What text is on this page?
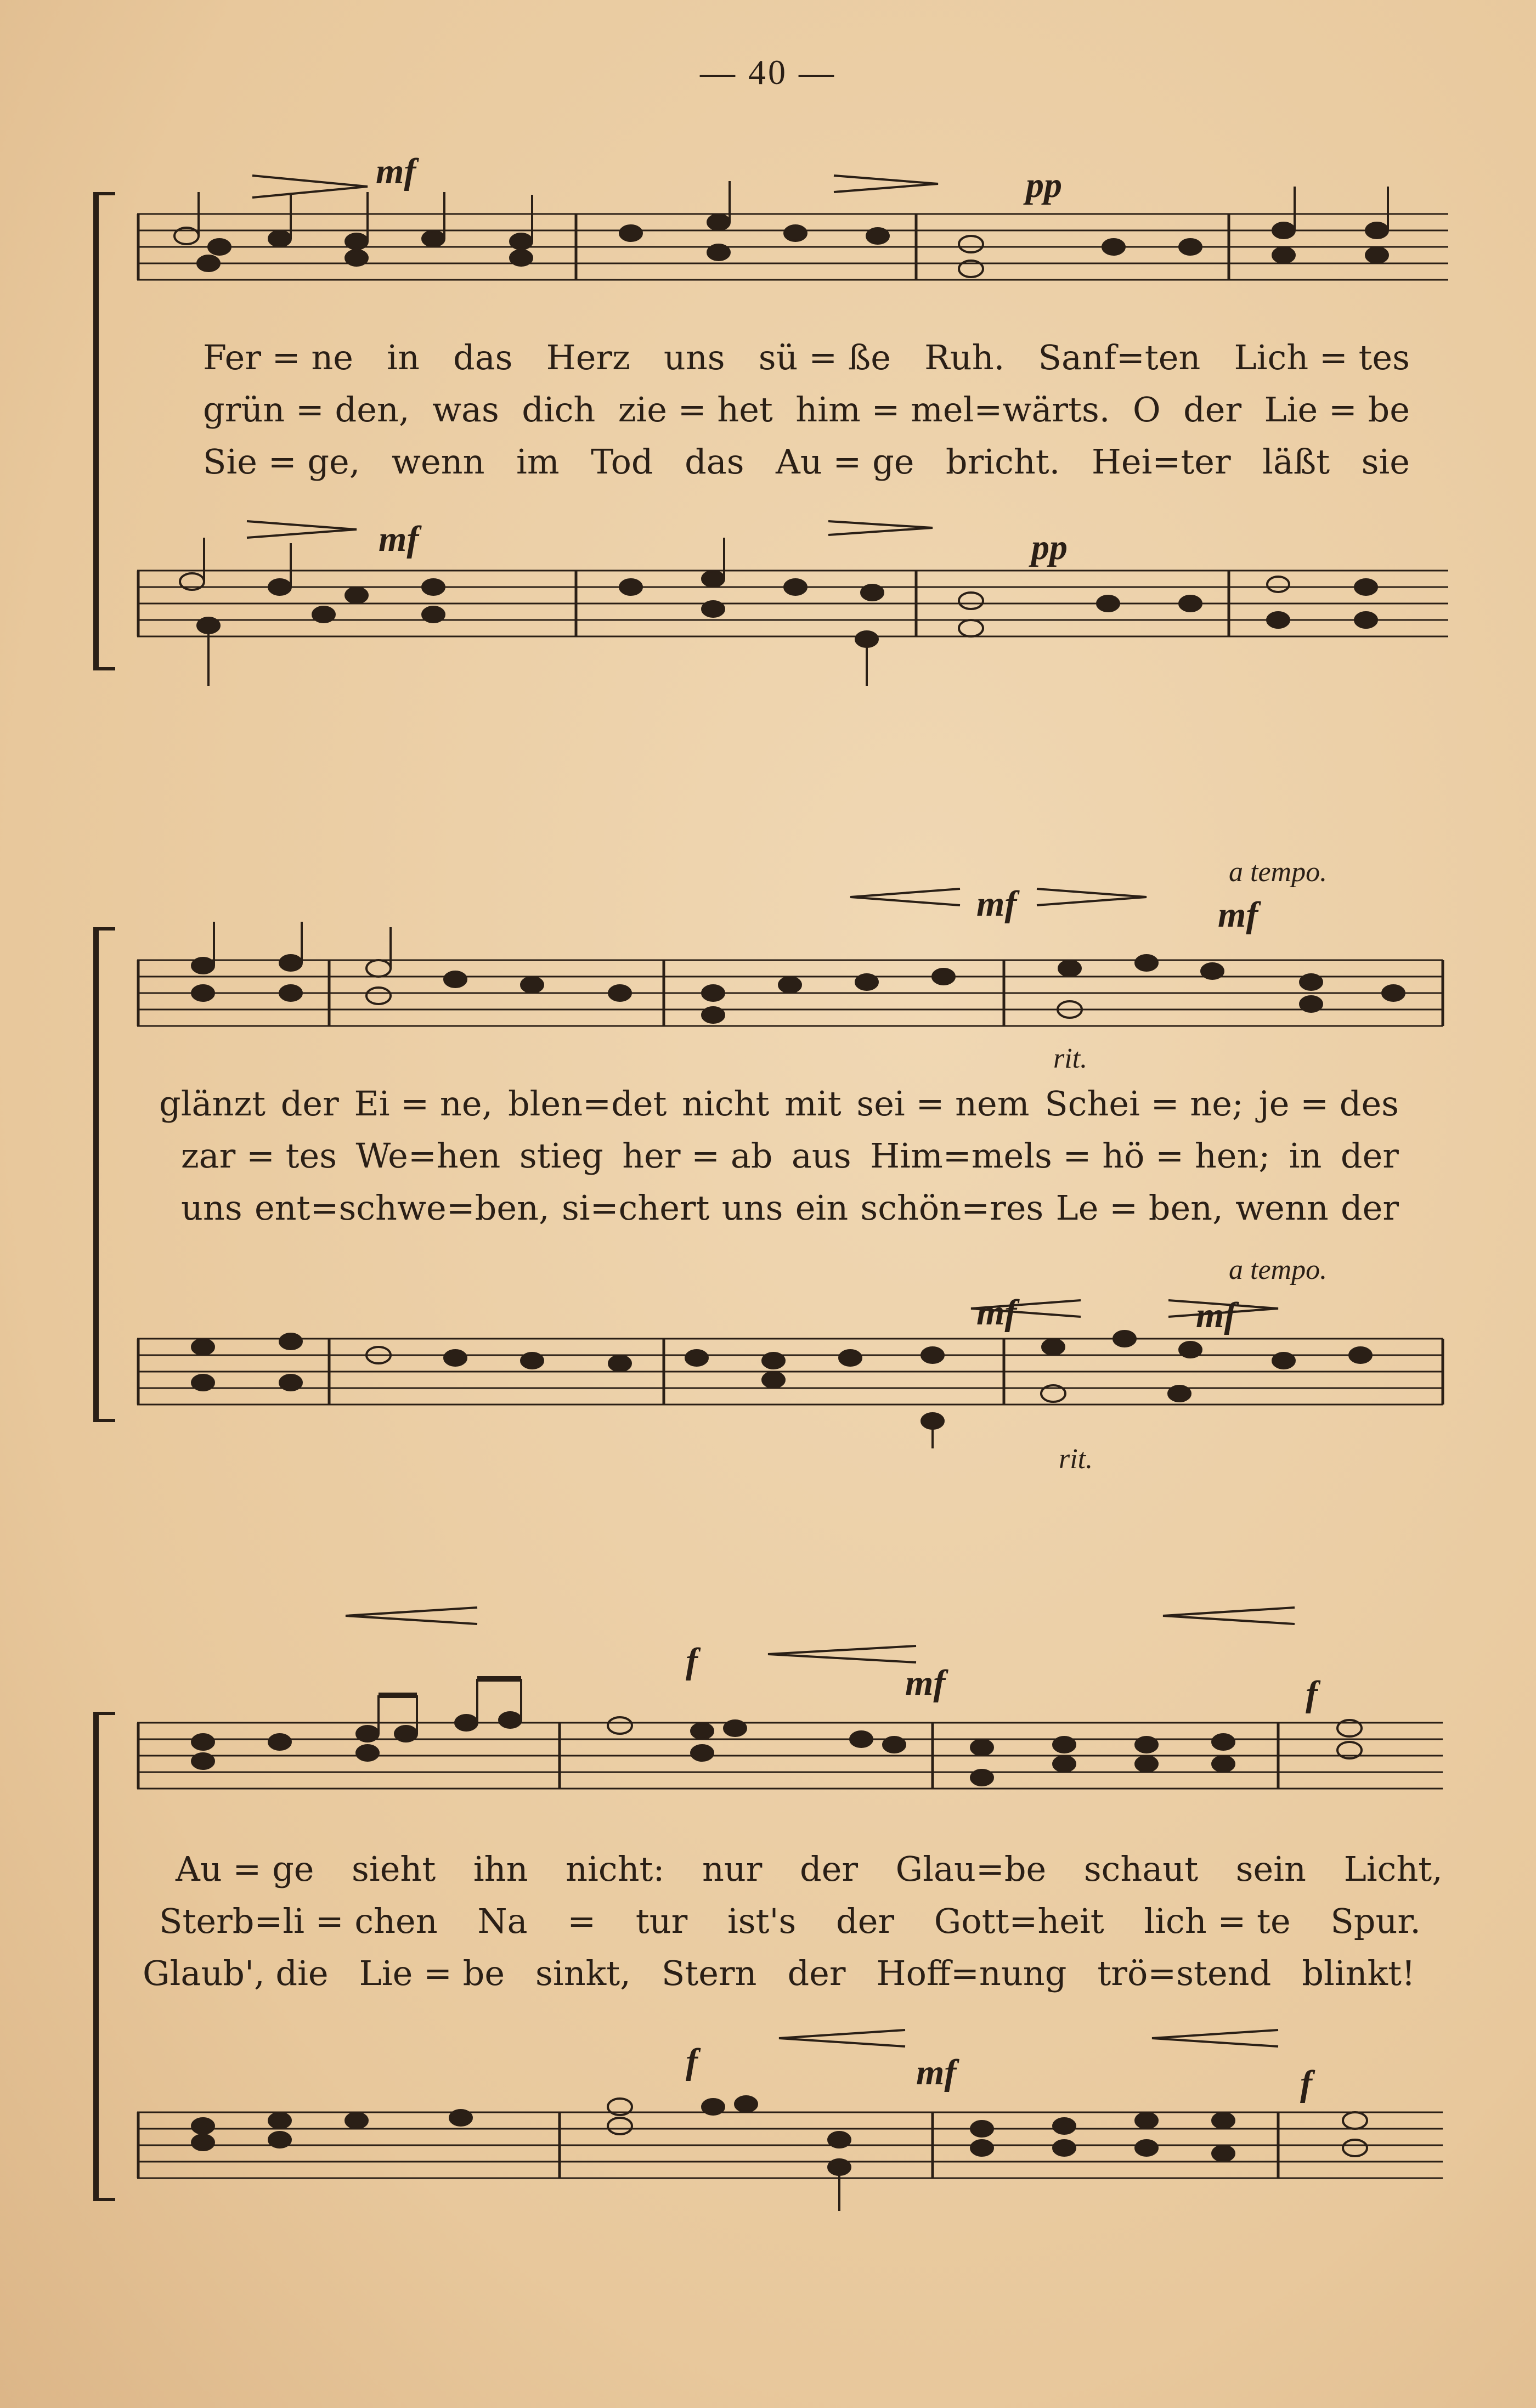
— 40 —
mf	pp
Fer = ne in das Herz uns sü = ße Ruh. Sanf=ten Lich = tes
grün = den, was dich zie = het him = mel=wärts. O der Lie = be
Sie = ge, wenn im Tod das Au = ge bricht. Hei=ter läßt sie
mf	pp
mf	mf
a tempo.
rit.
glänzt der Ei = ne, blen=det nicht mit sei = nem Schei = ne; je = des
zar = tes We=hen stieg her = ab aus Him=mels = hö = hen; in der
uns ent=schwe=ben, si=chert uns ein schön=res Le = ben, wenn der
mf	mf
a tempo.
rit.
f
mf	f
Au = ge sieht ihn nicht: nur der Glau=be schaut sein Licht,
Sterb=li = chen Na = tur ist's der Gott=heit lich = te Spur.
Glaub', die Lie = be sinkt, Stern der Hoff=nung trö=stend blinkt!
f	mf	f
